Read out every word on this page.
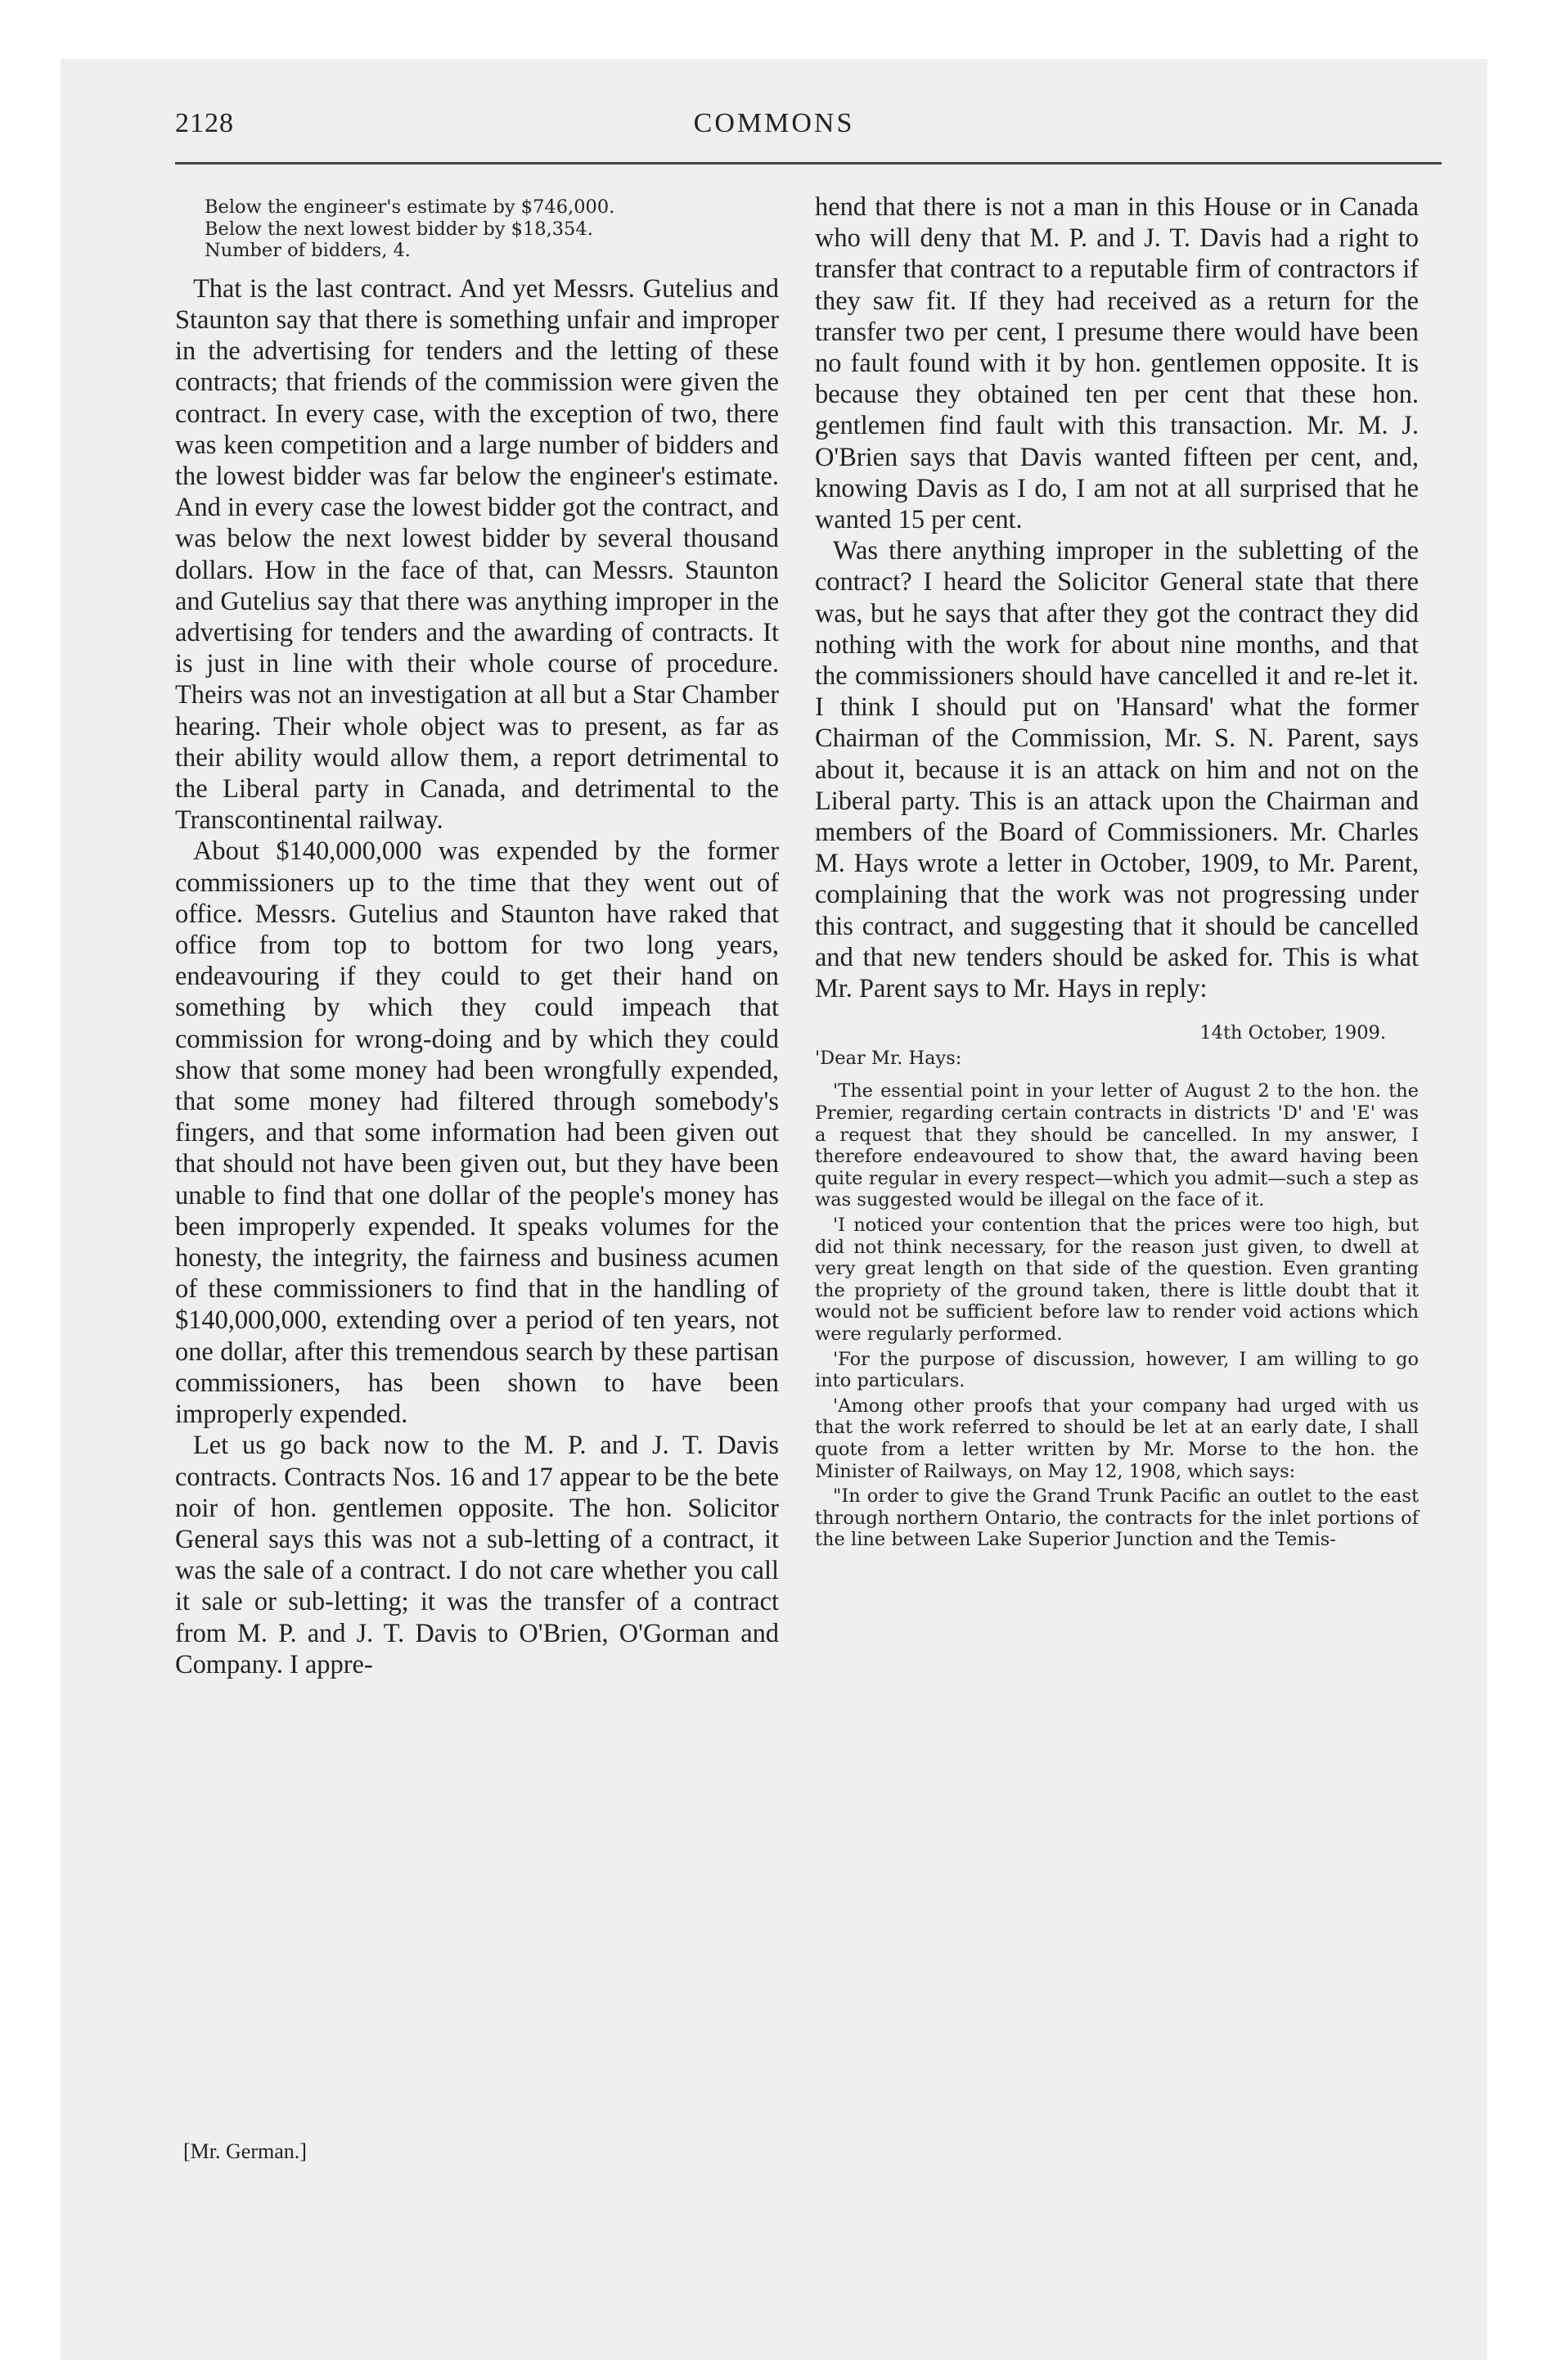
2128	COMMONS
Below the engineer's estimate by $746,000.
Below the next lowest bidder by $18,354.
Number of bidders, 4.

That is the last contract. And yet Messrs. Gutelius and Staunton say that there is something unfair and improper in the advertising for tenders and the letting of these contracts; that friends of the commission were given the contract. In every case, with the exception of two, there was keen competition and a large number of bidders and the lowest bidder was far below the engineer's estimate. And in every case the lowest bidder got the contract, and was below the next lowest bidder by several thousand dollars. How in the face of that, can Messrs. Staunton and Gutelius say that there was anything improper in the advertising for tenders and the awarding of contracts. It is just in line with their whole course of procedure. Theirs was not an investigation at all but a Star Chamber hearing. Their whole object was to present, as far as their ability would allow them, a report detrimental to the Liberal party in Canada, and detrimental to the Transcontinental railway.

About $140,000,000 was expended by the former commissioners up to the time that they went out of office. Messrs. Gutelius and Staunton have raked that office from top to bottom for two long years, endeavouring if they could to get their hand on something by which they could impeach that commission for wrong-doing and by which they could show that some money had been wrongfully expended, that some money had filtered through somebody's fingers, and that some information had been given out that should not have been given out, but they have been unable to find that one dollar of the people's money has been improperly expended. It speaks volumes for the honesty, the integrity, the fairness and business acumen of these commissioners to find that in the handling of $140,000,000, extending over a period of ten years, not one dollar, after this tremendous search by these partisan commissioners, has been shown to have been improperly expended.

Let us go back now to the M. P. and J. T. Davis contracts. Contracts Nos. 16 and 17 appear to be the bete noir of hon. gentlemen opposite. The hon. Solicitor General says this was not a sub-letting of a contract, it was the sale of a contract. I do not care whether you call it sale or sub-letting; it was the transfer of a contract from M. P. and J. T. Davis to O'Brien, O'Gorman and Company. I appre-

[Mr. German.]

hend that there is not a man in this House or in Canada who will deny that M. P. and J. T. Davis had a right to transfer that contract to a reputable firm of contractors if they saw fit. If they had received as a return for the transfer two per cent, I presume there would have been no fault found with it by hon. gentlemen opposite. It is because they obtained ten per cent that these hon. gentlemen find fault with this transaction. Mr. M. J. O'Brien says that Davis wanted fifteen per cent, and, knowing Davis as I do, I am not at all surprised that he wanted 15 per cent.

Was there anything improper in the subletting of the contract? I heard the Solicitor General state that there was, but he says that after they got the contract they did nothing with the work for about nine months, and that the commissioners should have cancelled it and re-let it. I think I should put on 'Hansard' what the former Chairman of the Commission, Mr. S. N. Parent, says about it, because it is an attack on him and not on the Liberal party. This is an attack upon the Chairman and members of the Board of Commissioners. Mr. Charles M. Hays wrote a letter in October, 1909, to Mr. Parent, complaining that the work was not progressing under this contract, and suggesting that it should be cancelled and that new tenders should be asked for. This is what Mr. Parent says to Mr. Hays in reply:

14th October, 1909.
'Dear Mr. Hays:

'The essential point in your letter of August 2 to the hon. the Premier, regarding certain contracts in districts 'D' and 'E' was a request that they should be cancelled. In my answer, I therefore endeavoured to show that, the award having been quite regular in every respect—which you admit—such a step as was suggested would be illegal on the face of it.

'I noticed your contention that the prices were too high, but did not think necessary, for the reason just given, to dwell at very great length on that side of the question. Even granting the propriety of the ground taken, there is little doubt that it would not be sufficient before law to render void actions which were regularly performed.

'For the purpose of discussion, however, I am willing to go into particulars.

'Among other proofs that your company had urged with us that the work referred to should be let at an early date, I shall quote from a letter written by Mr. Morse to the hon. the Minister of Railways, on May 12, 1908, which says:

"In order to give the Grand Trunk Pacific an outlet to the east through northern Ontario, the contracts for the inlet portions of the line between Lake Superior Junction and the Temis-
